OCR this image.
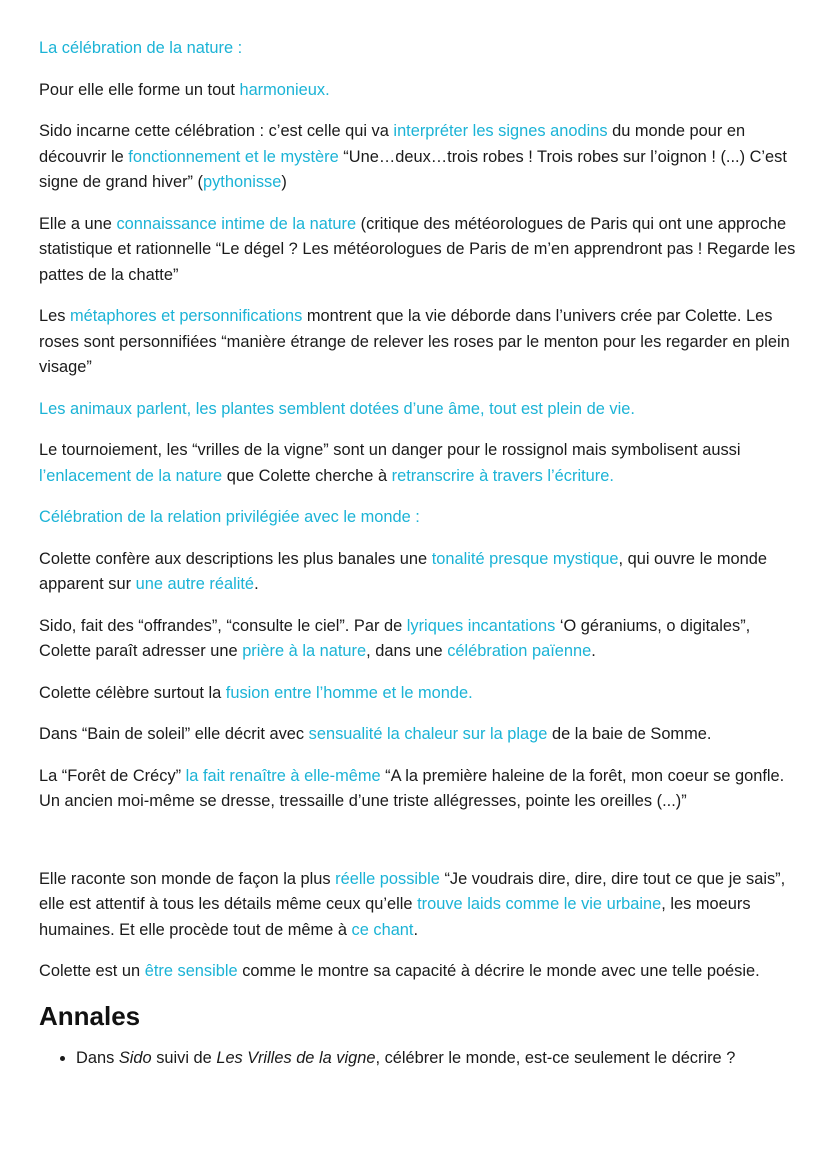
La célébration de la nature :

Pour elle elle forme un tout harmonieux.

Sido incarne cette célébration : c’est celle qui va interpréter les signes anodins du monde pour en découvrir le fonctionnement et le mystère “Une…deux…trois robes ! Trois robes sur l’oignon ! (...) C’est signe de grand hiver” (pythonisse)

Elle a une connaissance intime de la nature (critique des météorologues de Paris qui ont une approche statistique et rationnelle “Le dégel ? Les météorologues de Paris de m’en apprendront pas ! Regarde les pattes de la chatte”

Les métaphores et personnifications montrent que la vie déborde dans l’univers crée par Colette. Les roses sont personnifiées “manière étrange de relever les roses par le menton pour les regarder en plein visage”

Les animaux parlent, les plantes semblent dotées d’une âme, tout est plein de vie.

Le tournoiement, les “vrilles de la vigne” sont un danger pour le rossignol mais symbolisent aussi l’enlacement de la nature que Colette cherche à retranscrire à travers l’écriture.

Célébration de la relation privilégiée avec le monde :

Colette confère aux descriptions les plus banales une tonalité presque mystique, qui ouvre le monde apparent sur une autre réalité.

Sido, fait des “offrandes”, “consulte le ciel”. Par de lyriques incantations ‘O géraniums, o digitales”, Colette paraît adresser une prière à la nature, dans une célébration païenne.

Colette célèbre surtout la fusion entre l’homme et le monde.

Dans “Bain de soleil” elle décrit avec sensualité la chaleur sur la plage de la baie de Somme.

La “Forêt de Crécy” la fait renaître à elle-même “A la première haleine de la forêt, mon coeur se gonfle. Un ancien moi-même se dresse, tressaille d’une triste allégresses, pointe les oreilles (...)”

Elle raconte son monde de façon la plus réelle possible “Je voudrais dire, dire, dire tout ce que je sais”, elle est attentif à tous les détails même ceux qu’elle trouve laids comme le vie urbaine, les moeurs humaines. Et elle procède tout de même à ce chant.

Colette est un être sensible comme le montre sa capacité à décrire le monde avec une telle poésie.

Annales
• Dans Sido suivi de Les Vrilles de la vigne, célébrer le monde, est-ce seulement le décrire ?
